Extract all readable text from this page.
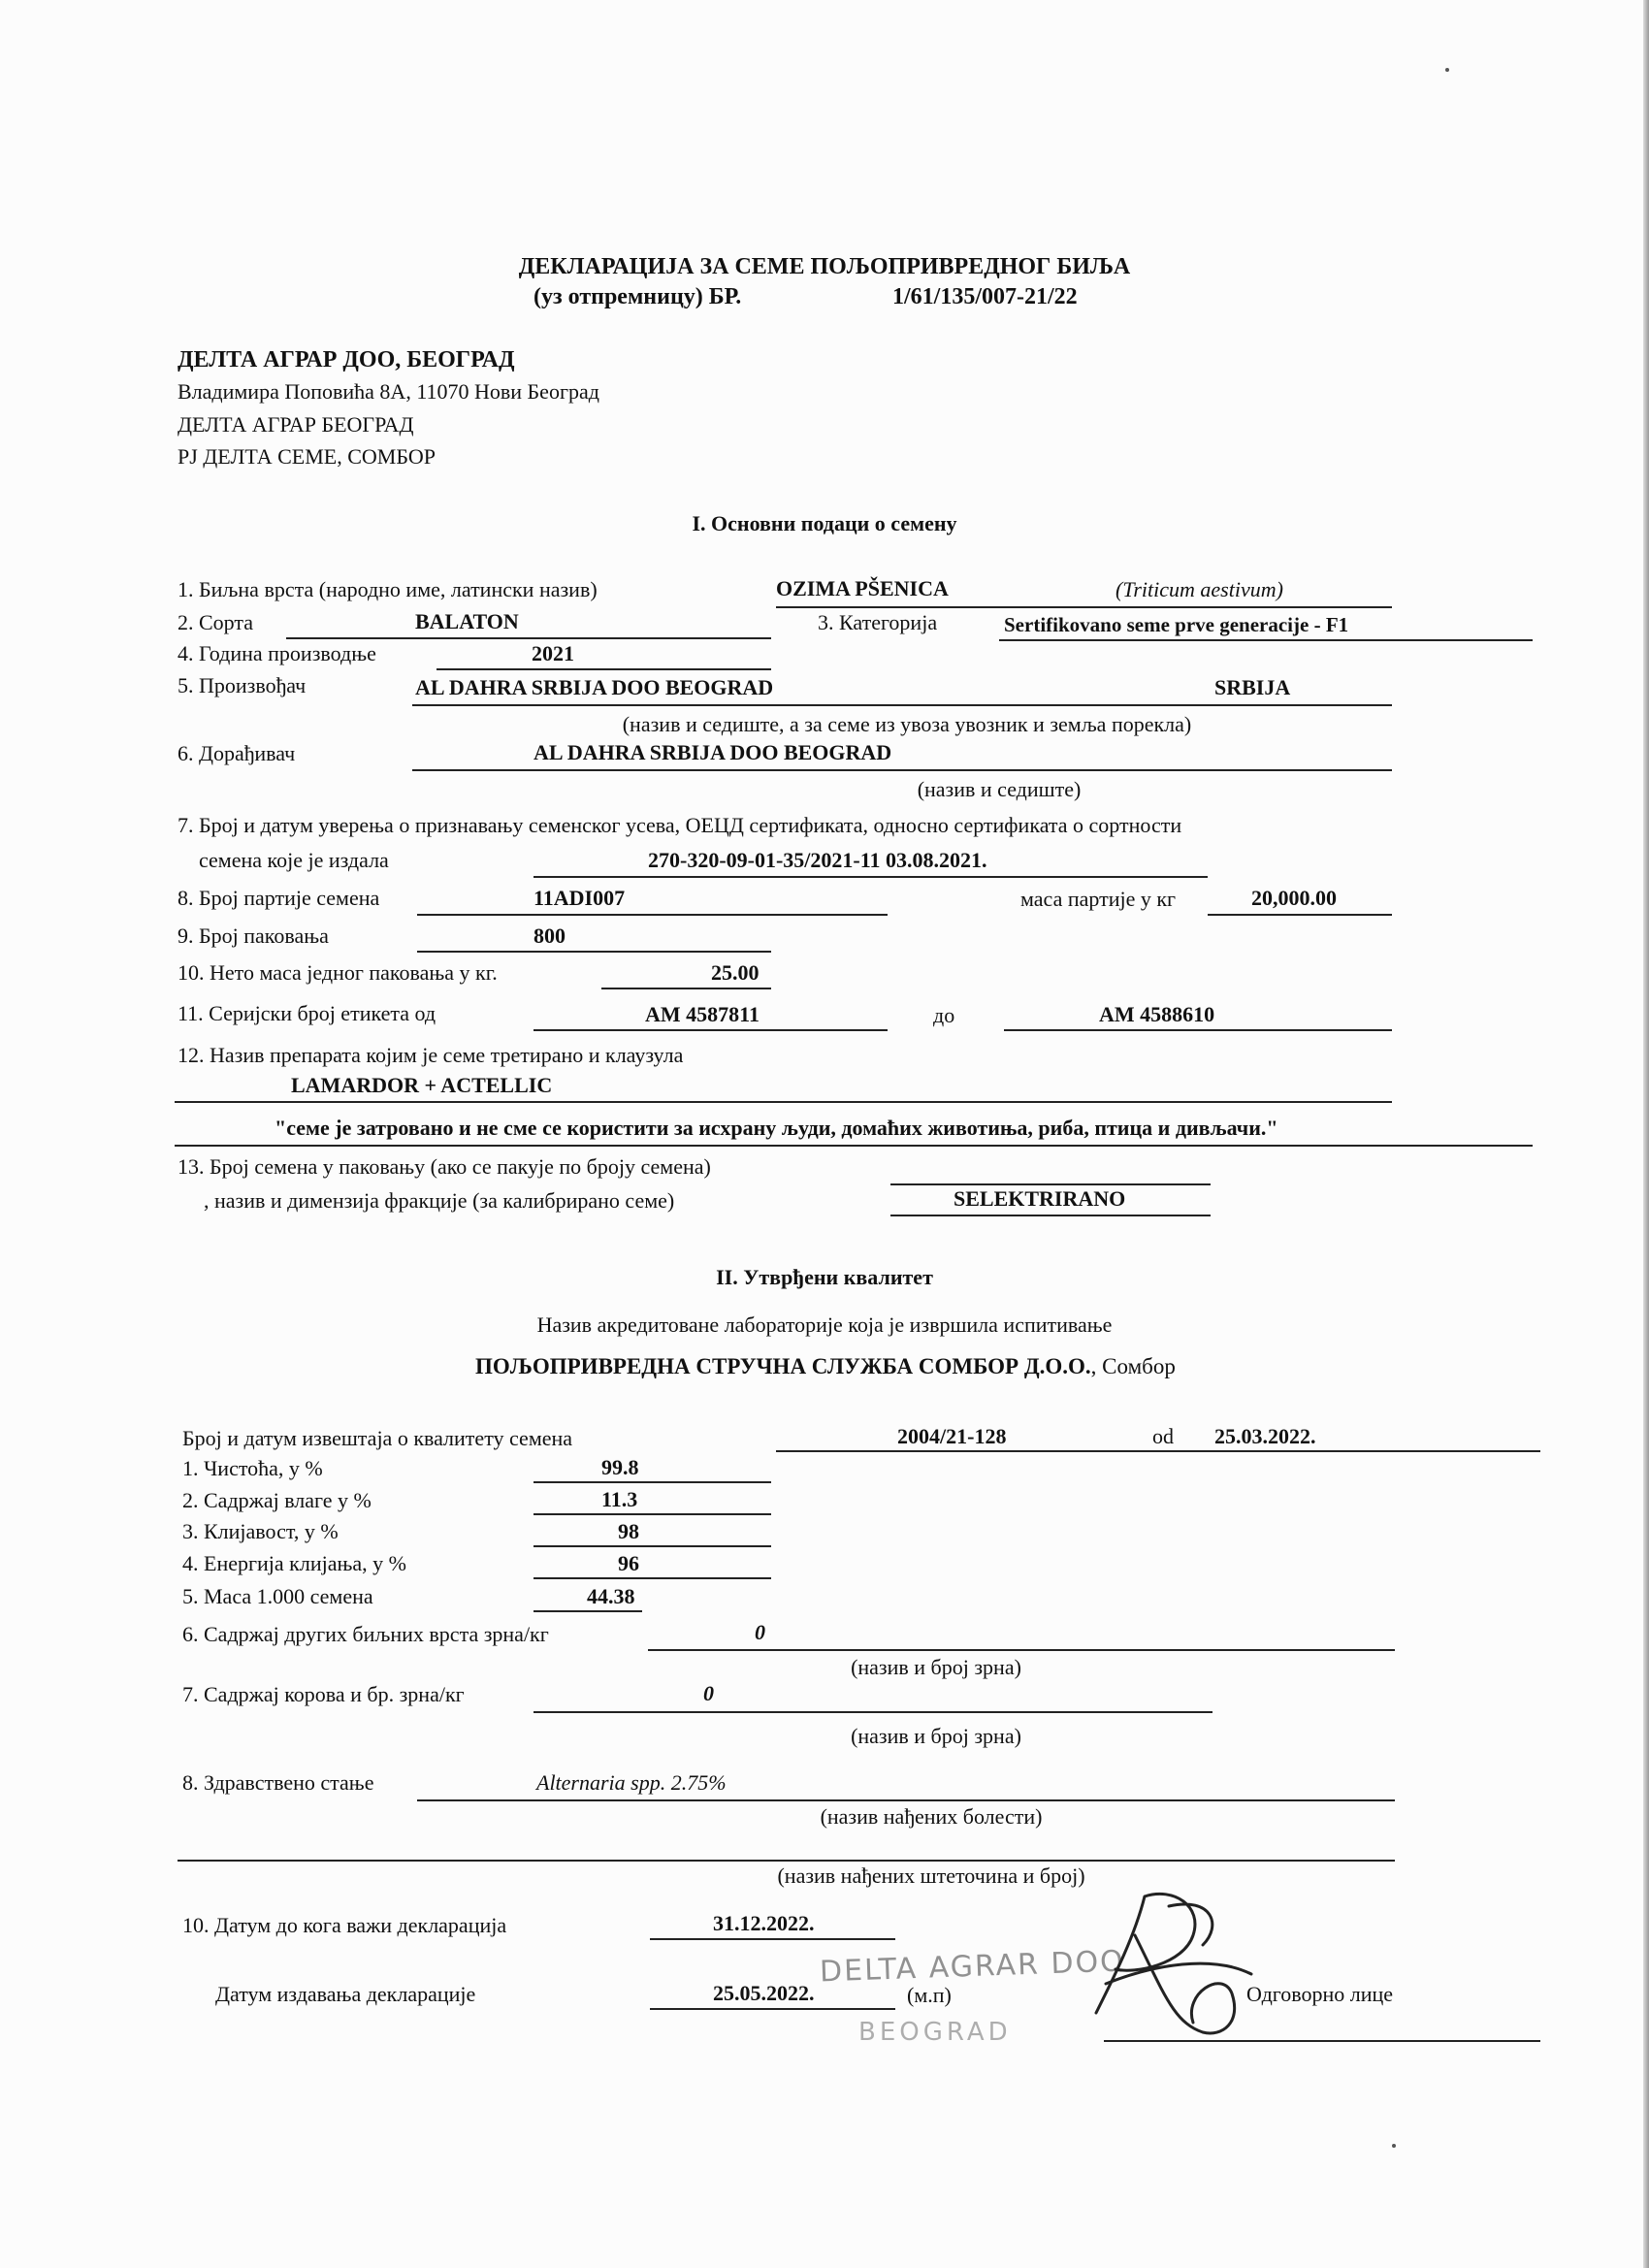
ДЕКЛАРАЦИЈА ЗА СЕМЕ ПОЉОПРИВРЕДНОГ БИЉА
(уз отпремницу) БР.	1/61/135/007-21/22
ДЕЛТА АГРАР ДОО, БЕОГРАД
Владимира Поповића 8А, 11070 Нови Београд
ДЕЛТА АГРАР БЕОГРАД
РЈ ДЕЛТА СЕМЕ, СОМБОР
I. Основни подаци о семену
1. Биљна врста (народно име, латински назив)	OZIMA PŠENICA	(Triticum aestivum)
2. Сорта	BALATON	3. Категорија	Sertifikovano seme prve generacije - F1
4. Година производње	2021
5. Произвођач	AL DAHRA SRBIJA DOO BEOGRAD	SRBIJA
(назив и седиште, а за семе из увоза увозник и земља порекла)
6. Дорађивач	AL DAHRA SRBIJA DOO BEOGRAD
(назив и седиште)
7. Број и датум уверења о признавању семенског усева, ОЕЦД сертификата, односно сертификата о сортности
семена које је издала	270-320-09-01-35/2021-11 03.08.2021.
8. Број партије семена	11ADI007	маса партије у кг	20,000.00
9. Број паковања	800
10. Нето маса једног паковања у кг.	25.00
11. Серијски број етикета од	AM 4587811	до	AM 4588610
12. Назив препарата којим је семе третирано и клаузула
LAMARDOR + ACTELLIC
"семе је затровано и не сме се користити за исхрану људи, домаћих животиња, риба, птица и дивљачи."
13. Број семена у паковању (ако се пакује по броју семена)
, назив и димензија фракције (за калибрирано семе)	SELEKTRIRANO
II. Утврђени квалитет
Назив акредитоване лабораторије која је извршила испитивање
ПОЉОПРИВРЕДНА СТРУЧНА СЛУЖБА СОМБОР Д.О.О., Сомбор
Број и датум извештаја о квалитету семена	2004/21-128	od 25.03.2022.
1. Чистоћа, у %	99.8
2. Садржај влаге у %	11.3
3. Клијавост, у %	98
4. Енергија клијања, у %	96
5. Маса 1.000 семена	44.38
6. Садржај других биљних врста зрна/кг	0
(назив и број зрна)
7. Садржај корова и бр. зрна/кг	0
(назив и број зрна)
8. Здравствено стање	Alternaria spp. 2.75%
(назив нађених болести)
(назив нађених штеточина и број)
10. Датум до кога важи декларација	31.12.2022.
Датум издавања декларације	25.05.2022.	(м.п)	Одговорно лице
DELTA AGRAR DOO
BEOGRAD
